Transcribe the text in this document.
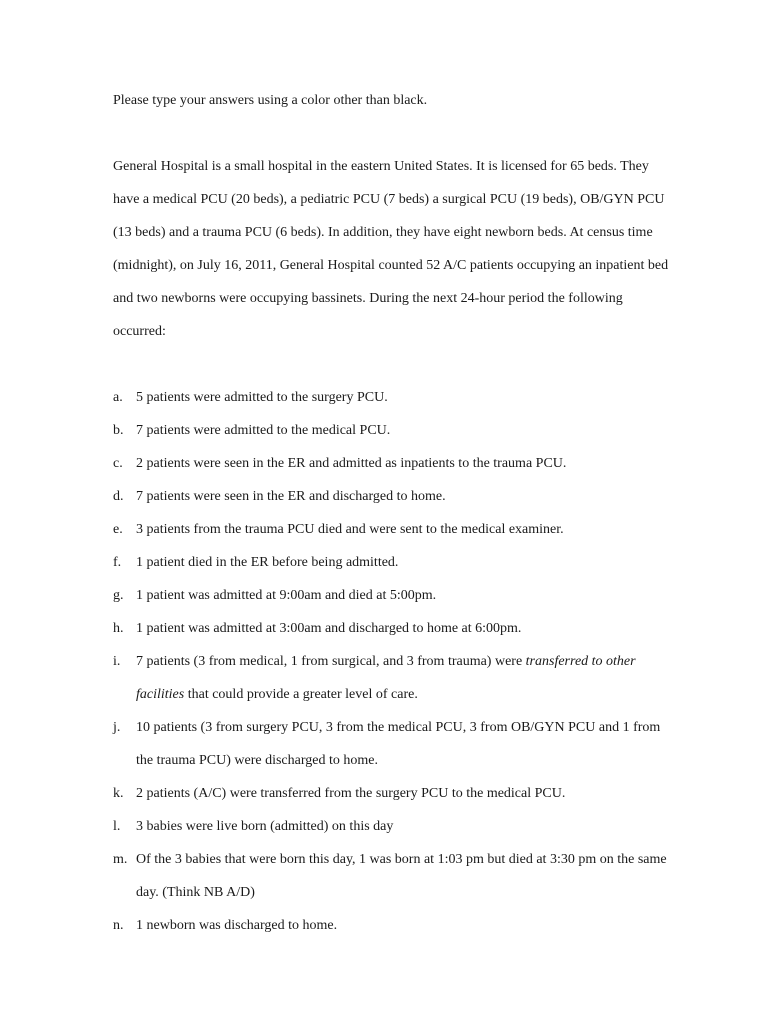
Please type your answers using a color other than black.

General Hospital is a small hospital in the eastern United States. It is licensed for 65 beds. They have a medical PCU (20 beds), a pediatric PCU (7 beds) a surgical PCU (19 beds), OB/GYN PCU (13 beds) and a trauma PCU (6 beds). In addition, they have eight newborn beds. At census time (midnight), on July 16, 2011, General Hospital counted 52 A/C patients occupying an inpatient bed and two newborns were occupying bassinets. During the next 24-hour period the following occurred:

a. 5 patients were admitted to the surgery PCU.
b. 7 patients were admitted to the medical PCU.
c. 2 patients were seen in the ER and admitted as inpatients to the trauma PCU.
d. 7 patients were seen in the ER and discharged to home.
e. 3 patients from the trauma PCU died and were sent to the medical examiner.
f. 1 patient died in the ER before being admitted.
g. 1 patient was admitted at 9:00am and died at 5:00pm.
h. 1 patient was admitted at 3:00am and discharged to home at 6:00pm.
i. 7 patients (3 from medical, 1 from surgical, and 3 from trauma) were transferred to other facilities that could provide a greater level of care.
j. 10 patients (3 from surgery PCU, 3 from the medical PCU, 3 from OB/GYN PCU and 1 from the trauma PCU) were discharged to home.
k. 2 patients (A/C) were transferred from the surgery PCU to the medical PCU.
l. 3 babies were live born (admitted) on this day
m. Of the 3 babies that were born this day, 1 was born at 1:03 pm but died at 3:30 pm on the same day. (Think NB A/D)
n. 1 newborn was discharged to home.
